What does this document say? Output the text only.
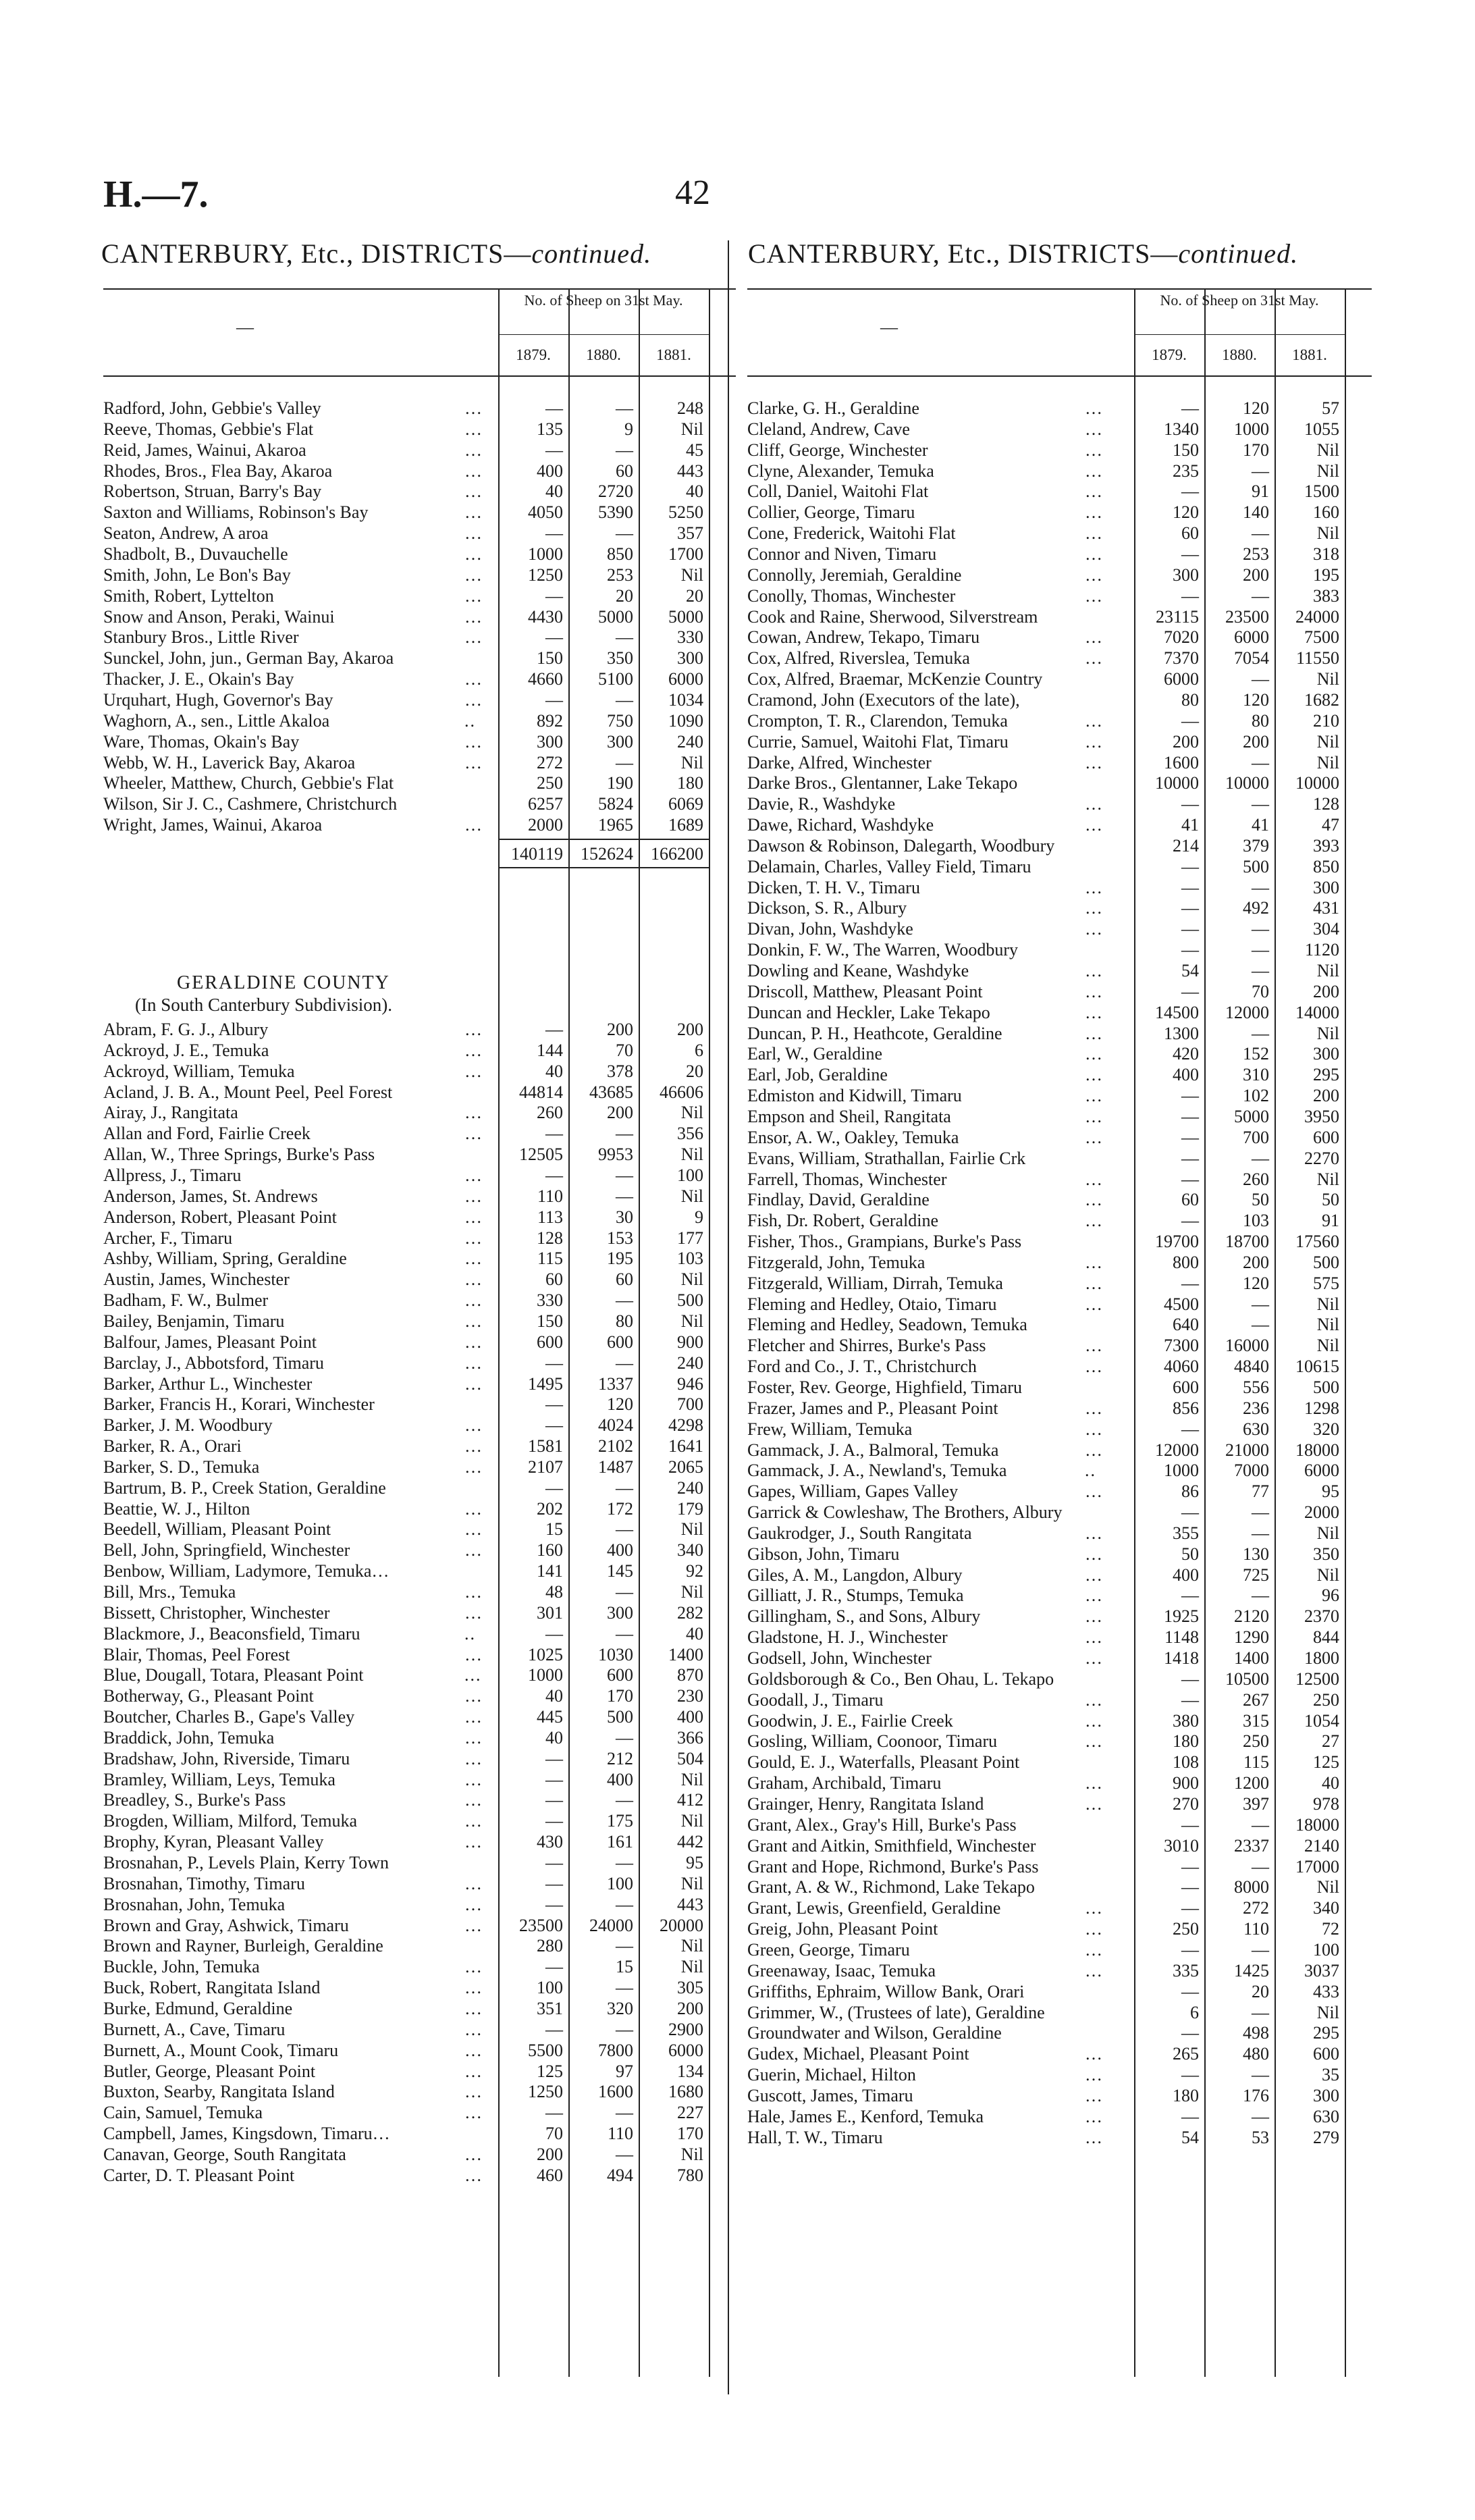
H.—7.	42
CANTERBURY, Etc., DISTRICTS—continued.	CANTERBURY, Etc., DISTRICTS—continued.
—
No. of Sheep on 31st May.
1879.	1880.	1881.
Radford, John, Gebbie's Valley	…	—	—	248
Reeve, Thomas, Gebbie's Flat	…	135	9	Nil
Reid, James, Wainui, Akaroa	…	—	—	45
Rhodes, Bros., Flea Bay, Akaroa	…	400	60	443
Robertson, Struan, Barry's Bay	…	40	2720	40
Saxton and Williams, Robinson's Bay	…	4050	5390	5250
Seaton, Andrew, A aroa	…	—	—	357
Shadbolt, B., Duvauchelle	…	1000	850	1700
Smith, John, Le Bon's Bay	…	1250	253	Nil
Smith, Robert, Lyttelton	…	—	20	20
Snow and Anson, Peraki, Wainui	…	4430	5000	5000
Stanbury Bros., Little River	…	—	—	330
Sunckel, John, jun., German Bay, Akaroa	150	350	300
Thacker, J. E., Okain's Bay	…	4660	5100	6000
Urquhart, Hugh, Governor's Bay	…	—	—	1034
Waghorn, A., sen., Little Akaloa	..	892	750	1090
Ware, Thomas, Okain's Bay	…	300	300	240
Webb, W. H., Laverick Bay, Akaroa	…	272	—	Nil
Wheeler, Matthew, Church, Gebbie's Flat	250	190	180
Wilson, Sir J. C., Cashmere, Christchurch	6257	5824	6069
Wright, James, Wainui, Akaroa	…	2000	1965	1689
140119	152624	166200
GERALDINE COUNTY
(In South Canterbury Subdivision).
Abram, F. G. J., Albury	…	—	200	200
Ackroyd, J. E., Temuka	…	144	70	6
Ackroyd, William, Temuka	…	40	378	20
Acland, J. B. A., Mount Peel, Peel Forest	44814	43685	46606
Airay, J., Rangitata	…	260	200	Nil
Allan and Ford, Fairlie Creek	…	—	—	356
Allan, W., Three Springs, Burke's Pass	12505	9953	Nil
Allpress, J., Timaru	…	—	—	100
Anderson, James, St. Andrews	…	110	—	Nil
Anderson, Robert, Pleasant Point	…	113	30	9
Archer, F., Timaru	…	128	153	177
Ashby, William, Spring, Geraldine	…	115	195	103
Austin, James, Winchester	…	60	60	Nil
Badham, F. W., Bulmer	…	330	—	500
Bailey, Benjamin, Timaru	…	150	80	Nil
Balfour, James, Pleasant Point	…	600	600	900
Barclay, J., Abbotsford, Timaru	…	—	—	240
Barker, Arthur L., Winchester	…	1495	1337	946
Barker, Francis H., Korari, Winchester	—	120	700
Barker, J. M. Woodbury	…	—	4024	4298
Barker, R. A., Orari	…	1581	2102	1641
Barker, S. D., Temuka	…	2107	1487	2065
Bartrum, B. P., Creek Station, Geraldine	—	—	240
Beattie, W. J., Hilton	…	202	172	179
Beedell, William, Pleasant Point	…	15	—	Nil
Bell, John, Springfield, Winchester	…	160	400	340
Benbow, William, Ladymore, Temuka…	141	145	92
Bill, Mrs., Temuka	…	48	—	Nil
Bissett, Christopher, Winchester	…	301	300	282
Blackmore, J., Beaconsfield, Timaru	..	—	—	40
Blair, Thomas, Peel Forest	…	1025	1030	1400
Blue, Dougall, Totara, Pleasant Point	...	1000	600	870
Botherway, G., Pleasant Point	…	40	170	230
Boutcher, Charles B., Gape's Valley	…	445	500	400
Braddick, John, Temuka	…	40	—	366
Bradshaw, John, Riverside, Timaru	…	—	212	504
Bramley, William, Leys, Temuka	…	—	400	Nil
Breadley, S., Burke's Pass	…	—	—	412
Brogden, William, Milford, Temuka	…	—	175	Nil
Brophy, Kyran, Pleasant Valley	…	430	161	442
Brosnahan, P., Levels Plain, Kerry Town	—	—	95
Brosnahan, Timothy, Timaru	…	—	100	Nil
Brosnahan, John, Temuka	…	—	—	443
Brown and Gray, Ashwick, Timaru	…	23500	24000	20000
Brown and Rayner, Burleigh, Geraldine	280	—	Nil
Buckle, John, Temuka	…	—	15	Nil
Buck, Robert, Rangitata Island	…	100	—	305
Burke, Edmund, Geraldine	…	351	320	200
Burnett, A., Cave, Timaru	…	—	—	2900
Burnett, A., Mount Cook, Timaru	…	5500	7800	6000
Butler, George, Pleasant Point	…	125	97	134
Buxton, Searby, Rangitata Island	…	1250	1600	1680
Cain, Samuel, Temuka	…	—	—	227
Campbell, James, Kingsdown, Timaru…	70	110	170
Canavan, George, South Rangitata	…	200	—	Nil
Carter, D. T. Pleasant Point	…	460	494	780
—
No. of Sheep on 31st May.
1879.	1880.	1881.
Clarke, G. H., Geraldine	…	—	120	57
Cleland, Andrew, Cave	…	1340	1000	1055
Cliff, George, Winchester	…	150	170	Nil
Clyne, Alexander, Temuka	…	235	—	Nil
Coll, Daniel, Waitohi Flat	…	—	91	1500
Collier, George, Timaru	…	120	140	160
Cone, Frederick, Waitohi Flat	…	60	—	Nil
Connor and Niven, Timaru	…	—	253	318
Connolly, Jeremiah, Geraldine	…	300	200	195
Conolly, Thomas, Winchester	…	—	—	383
Cook and Raine, Sherwood, Silverstream	23115	23500	24000
Cowan, Andrew, Tekapo, Timaru	…	7020	6000	7500
Cox, Alfred, Riverslea, Temuka	…	7370	7054	11550
Cox, Alfred, Braemar, McKenzie Country	6000	—	Nil
Cramond, John (Executors of the late),	80	120	1682
Crompton, T. R., Clarendon, Temuka	…	—	80	210
Currie, Samuel, Waitohi Flat, Timaru	…	200	200	Nil
Darke, Alfred, Winchester	…	1600	—	Nil
Darke Bros., Glentanner, Lake Tekapo	10000	10000	10000
Davie, R., Washdyke	…	—	—	128
Dawe, Richard, Washdyke	…	41	41	47
Dawson & Robinson, Dalegarth, Woodbury	214	379	393
Delamain, Charles, Valley Field, Timaru	—	500	850
Dicken, T. H. V., Timaru	…	—	—	300
Dickson, S. R., Albury	…	—	492	431
Divan, John, Washdyke	…	—	—	304
Donkin, F. W., The Warren, Woodbury	—	—	1120
Dowling and Keane, Washdyke	…	54	—	Nil
Driscoll, Matthew, Pleasant Point	…	—	70	200
Duncan and Heckler, Lake Tekapo	…	14500	12000	14000
Duncan, P. H., Heathcote, Geraldine	…	1300	—	Nil
Earl, W., Geraldine	…	420	152	300
Earl, Job, Geraldine	…	400	310	295
Edmiston and Kidwill, Timaru	…	—	102	200
Empson and Sheil, Rangitata	…	—	5000	3950
Ensor, A. W., Oakley, Temuka	…	—	700	600
Evans, William, Strathallan, Fairlie Crk	—	—	2270
Farrell, Thomas, Winchester	…	—	260	Nil
Findlay, David, Geraldine	…	60	50	50
Fish, Dr. Robert, Geraldine	…	—	103	91
Fisher, Thos., Grampians, Burke's Pass	19700	18700	17560
Fitzgerald, John, Temuka	…	800	200	500
Fitzgerald, William, Dirrah, Temuka	…	—	120	575
Fleming and Hedley, Otaio, Timaru	…	4500	—	Nil
Fleming and Hedley, Seadown, Temuka	640	—	Nil
Fletcher and Shirres, Burke's Pass	…	7300	16000	Nil
Ford and Co., J. T., Christchurch	…	4060	4840	10615
Foster, Rev. George, Highfield, Timaru	600	556	500
Frazer, James and P., Pleasant Point	…	856	236	1298
Frew, William, Temuka	…	—	630	320
Gammack, J. A., Balmoral, Temuka	…	12000	21000	18000
Gammack, J. A., Newland's, Temuka	..	1000	7000	6000
Gapes, William, Gapes Valley	…	86	77	95
Garrick & Cowleshaw, The Brothers, Albury	—	—	2000
Gaukrodger, J., South Rangitata	…	355	—	Nil
Gibson, John, Timaru	…	50	130	350
Giles, A. M., Langdon, Albury	…	400	725	Nil
Gilliatt, J. R., Stumps, Temuka	…	—	—	96
Gillingham, S., and Sons, Albury	…	1925	2120	2370
Gladstone, H. J., Winchester	…	1148	1290	844
Godsell, John, Winchester	…	1418	1400	1800
Goldsborough & Co., Ben Ohau, L. Tekapo	—	10500	12500
Goodall, J., Timaru	…	—	267	250
Goodwin, J. E., Fairlie Creek	…	380	315	1054
Gosling, William, Coonoor, Timaru	…	180	250	27
Gould, E. J., Waterfalls, Pleasant Point	108	115	125
Graham, Archibald, Timaru	…	900	1200	40
Grainger, Henry, Rangitata Island	…	270	397	978
Grant, Alex., Gray's Hill, Burke's Pass	—	—	18000
Grant and Aitkin, Smithfield, Winchester	3010	2337	2140
Grant and Hope, Richmond, Burke's Pass	—	—	17000
Grant, A. & W., Richmond, Lake Tekapo	—	8000	Nil
Grant, Lewis, Greenfield, Geraldine	…	—	272	340
Greig, John, Pleasant Point	…	250	110	72
Green, George, Timaru	…	—	—	100
Greenaway, Isaac, Temuka	…	335	1425	3037
Griffiths, Ephraim, Willow Bank, Orari	—	20	433
Grimmer, W., (Trustees of late), Geraldine	6	—	Nil
Groundwater and Wilson, Geraldine	—	498	295
Gudex, Michael, Pleasant Point	…	265	480	600
Guerin, Michael, Hilton	…	—	—	35
Guscott, James, Timaru	…	180	176	300
Hale, James E., Kenford, Temuka	…	—	—	630
Hall, T. W., Timaru	…	54	53	279
